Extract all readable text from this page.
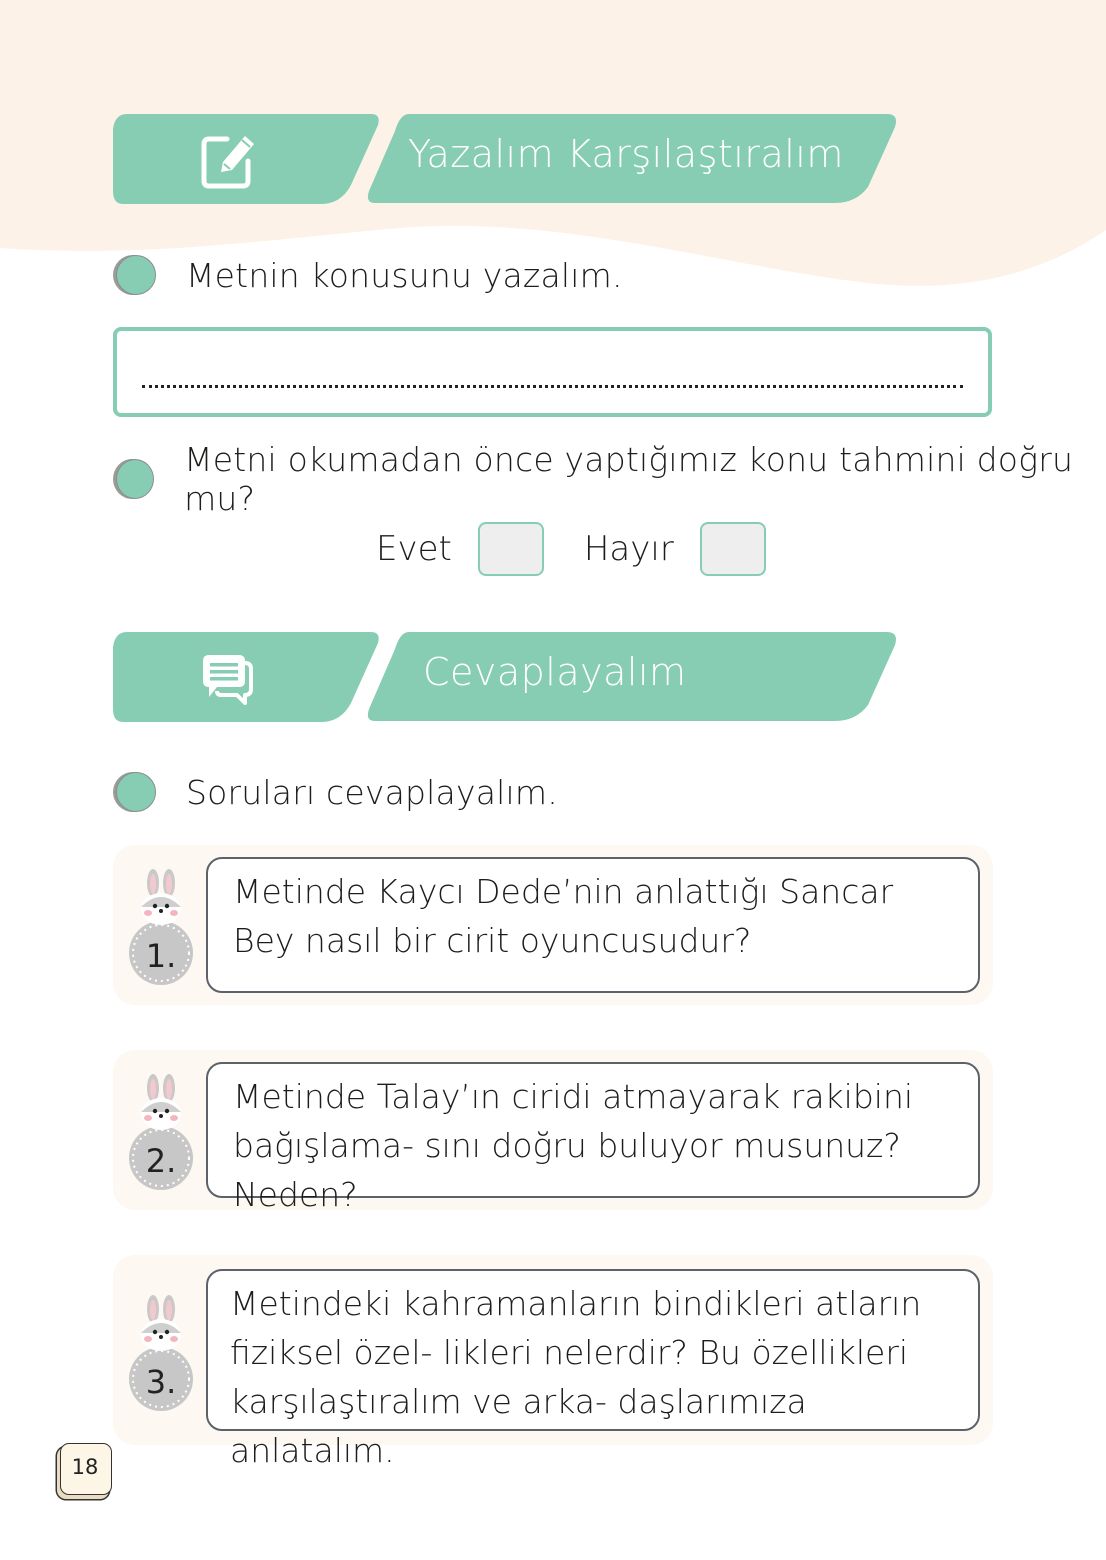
Yazalım Karşılaştıralım
Metnin konusunu yazalım.
Metni okumadan önce yaptığımız konu tahmini doğru mu?
Evet	Hayır
Cevaplayalım
Soruları cevaplayalım.
1.
Metinde Kaycı Dede’nin anlattığı Sancar Bey nasıl bir cirit oyuncusudur?
2.
Metinde Talay’ın ciridi atmayarak rakibini bağışlama- sını doğru buluyor musunuz? Neden?
3.
Metindeki kahramanların bindikleri atların fiziksel özel- likleri nelerdir? Bu özellikleri karşılaştıralım ve arka- daşlarımıza anlatalım.
18
